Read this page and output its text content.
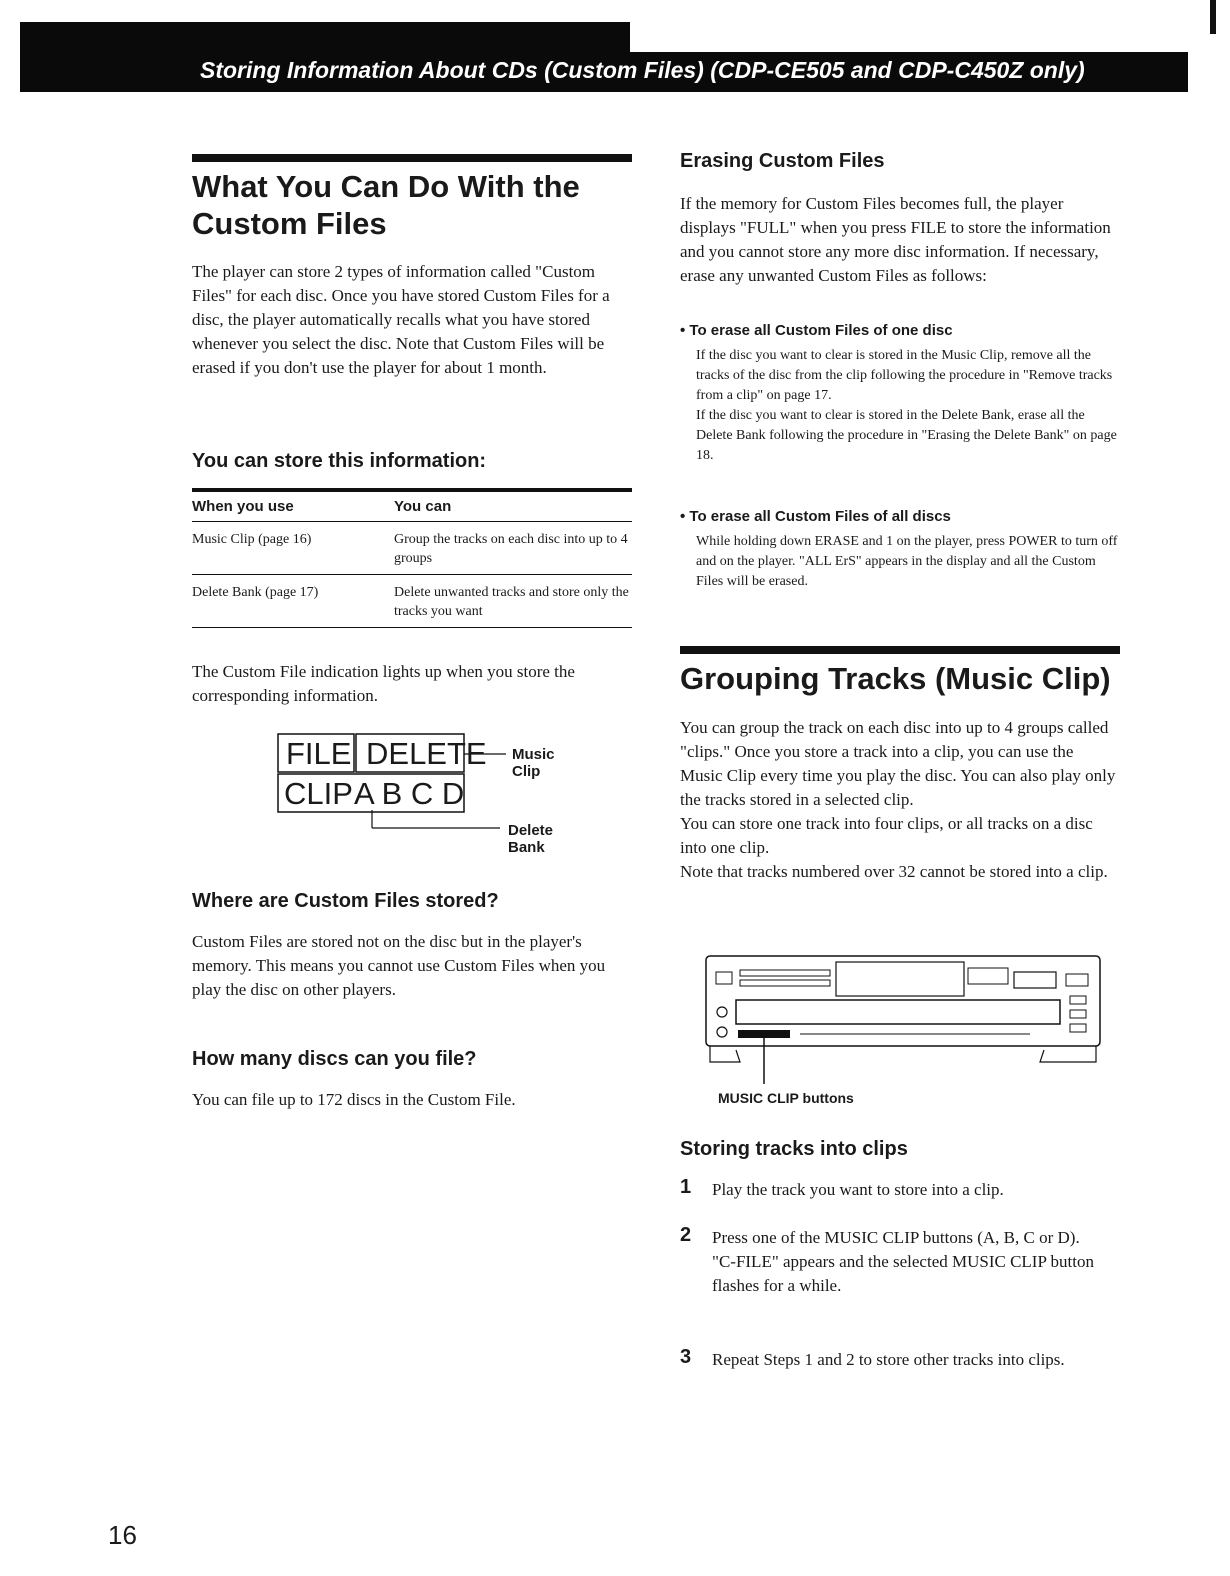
Storing Information About CDs (Custom Files) (CDP-CE505 and CDP-C450Z only)
What You Can Do With the Custom Files

The player can store 2 types of information called "Custom Files" for each disc. Once you have stored Custom Files for a disc, the player automatically recalls what you have stored whenever you select the disc. Note that Custom Files will be erased if you don't use the player for about 1 month.

You can store this information:
When you use	You can
Music Clip (page 16)	Group the tracks on each disc into up to 4 groups
Delete Bank (page 17)	Delete unwanted tracks and store only the tracks you want

The Custom File indication lights up when you store the corresponding information.

FILE DELETE
CLIP A B C D
Music Clip
Delete Bank
Where are Custom Files stored?

Custom Files are stored not on the disc but in the player's memory. This means you cannot use Custom Files when you play the disc on other players.

How many discs can you file?

You can file up to 172 discs in the Custom File.

Erasing Custom Files

If the memory for Custom Files becomes full, the player displays "FULL" when you press FILE to store the information and you cannot store any more disc information. If necessary, erase any unwanted Custom Files as follows:

• To erase all Custom Files of one disc

If the disc you want to clear is stored in the Music Clip, remove all the tracks of the disc from the clip following the procedure in "Remove tracks from a clip" on page 17.

If the disc you want to clear is stored in the Delete Bank, erase all the Delete Bank following the procedure in "Erasing the Delete Bank" on page 18.

• To erase all Custom Files of all discs

While holding down ERASE and 1 on the player, press POWER to turn off and on the player. "ALL ErS" appears in the display and all the Custom Files will be erased.

Grouping Tracks (Music Clip)

You can group the track on each disc into up to 4 groups called "clips." Once you store a track into a clip, you can use the Music Clip every time you play the disc. You can also play only the tracks stored in a selected clip.

You can store one track into four clips, or all tracks on a disc into one clip.

Note that tracks numbered over 32 cannot be stored into a clip.

MUSIC CLIP buttons
Storing tracks into clips
1 Play the track you want to store into a clip.
2 Press one of the MUSIC CLIP buttons (A, B, C or D).
"C-FILE" appears and the selected MUSIC CLIP button flashes for a while.
3 Repeat Steps 1 and 2 to store other tracks into clips.
16
